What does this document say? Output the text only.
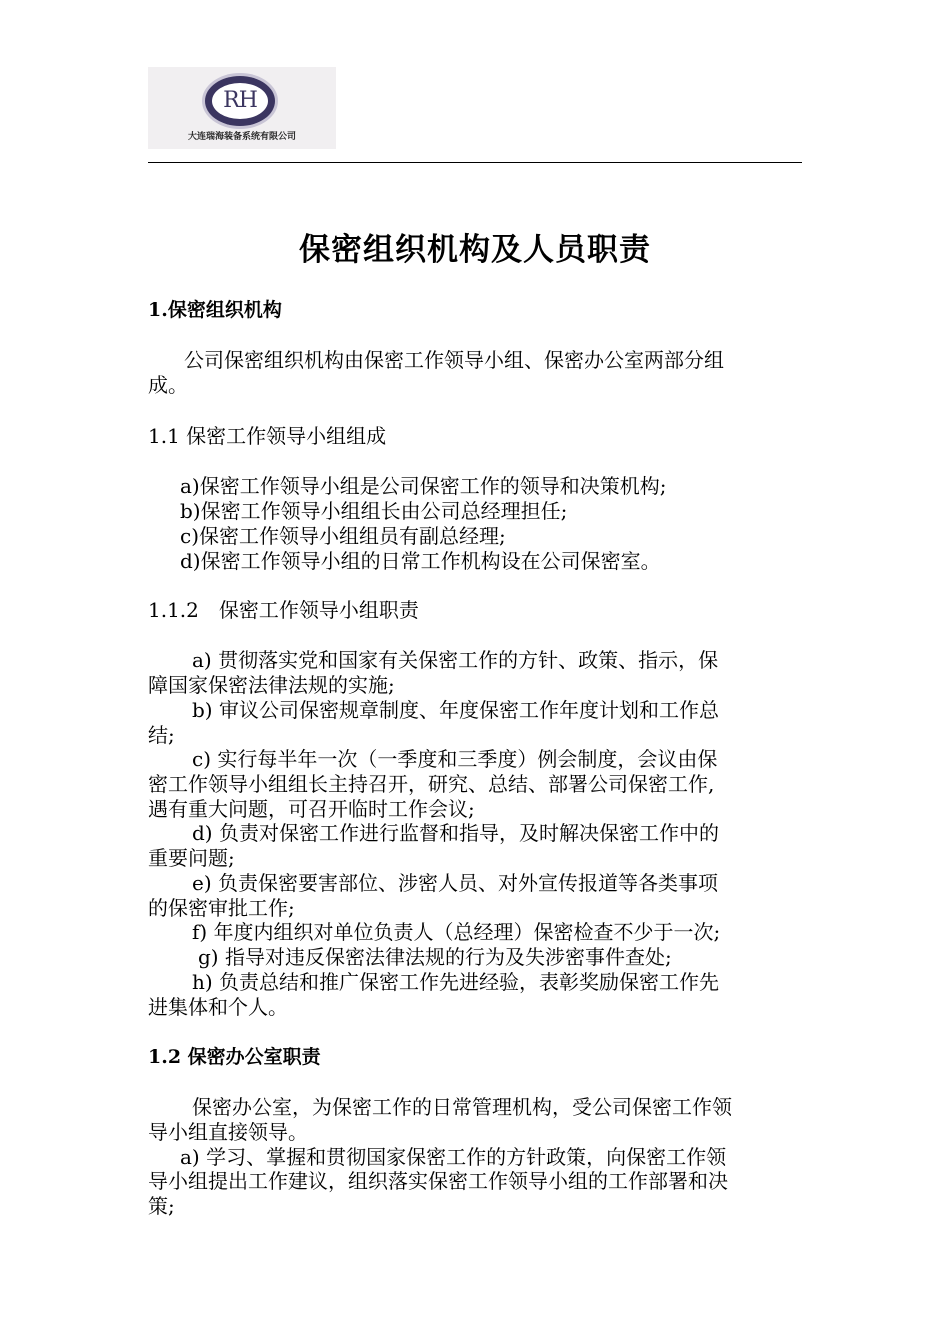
RH
大连瑞海装备系统有限公司
保密组织机构及人员职责
1.保密组织机构
公司保密组织机构由保密工作领导小组、保密办公室两部分组
成。
1.1 保密工作领导小组组成
a)保密工作领导小组是公司保密工作的领导和决策机构;
b)保密工作领导小组组长由公司总经理担任;
c)保密工作领导小组组员有副总经理;
d)保密工作领导小组的日常工作机构设在公司保密室。
1.1.2　保密工作领导小组职责
a) 贯彻落实党和国家有关保密工作的方针、政策、指示，保
障国家保密法律法规的实施;
b) 审议公司保密规章制度、年度保密工作年度计划和工作总
结;
c) 实行每半年一次（一季度和三季度）例会制度，会议由保
密工作领导小组组长主持召开，研究、总结、部署公司保密工作,
遇有重大问题，可召开临时工作会议;
d) 负责对保密工作进行监督和指导，及时解决保密工作中的
重要问题;
e) 负责保密要害部位、涉密人员、对外宣传报道等各类事项
的保密审批工作;
f) 年度内组织对单位负责人（总经理）保密检查不少于一次;
g) 指导对违反保密法律法规的行为及失涉密事件查处;
h) 负责总结和推广保密工作先进经验，表彰奖励保密工作先
进集体和个人。
1.2 保密办公室职责
保密办公室，为保密工作的日常管理机构，受公司保密工作领
导小组直接领导。
a) 学习、掌握和贯彻国家保密工作的方针政策，向保密工作领
导小组提出工作建议，组织落实保密工作领导小组的工作部署和决
策;
